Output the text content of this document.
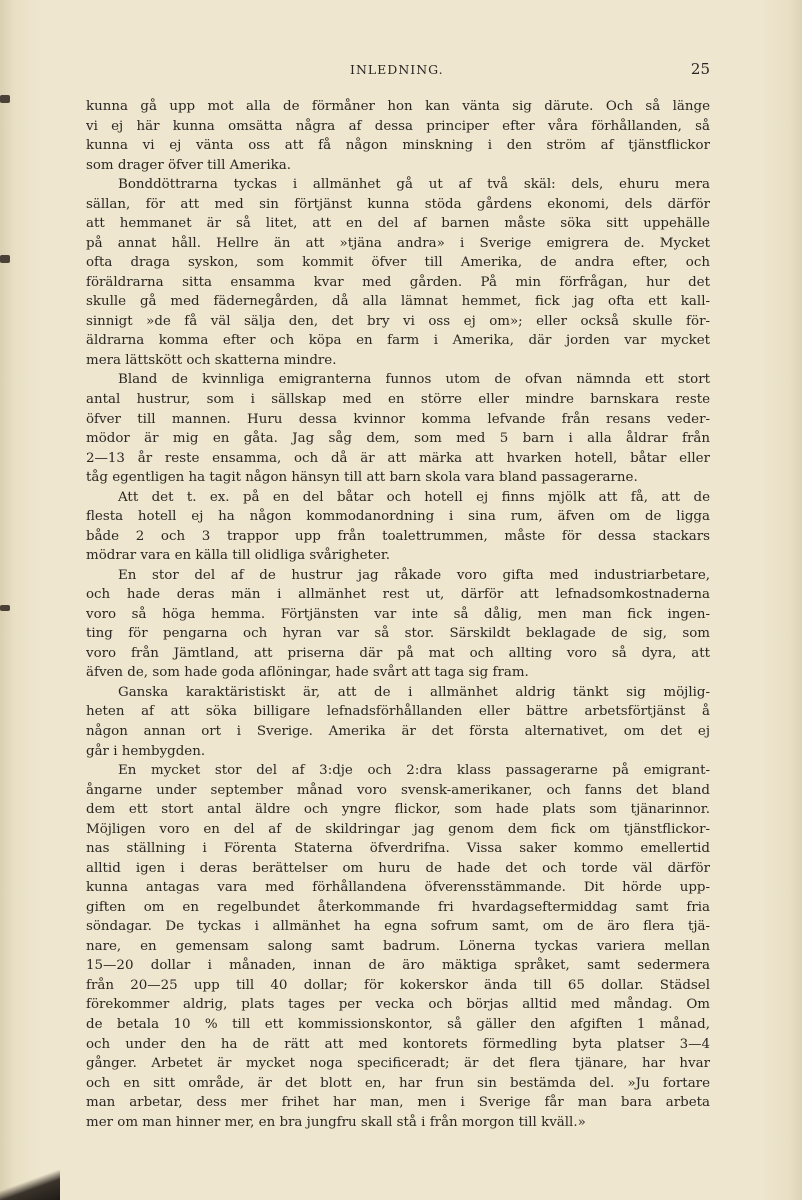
INLEDNING.	25
kunna gå upp mot alla de förmåner hon kan vänta sig därute. Och så länge
vi ej här kunna omsätta några af dessa principer efter våra förhållanden, så
kunna vi ej vänta oss att få någon minskning i den ström af tjänstflickor
som drager öfver till Amerika.
Bonddöttrarna tyckas i allmänhet gå ut af två skäl: dels, ehuru mera
sällan, för att med sin förtjänst kunna stöda gårdens ekonomi, dels därför
att hemmanet är så litet, att en del af barnen måste söka sitt uppehälle
på annat håll. Hellre än att »tjäna andra» i Sverige emigrera de. Mycket
ofta draga syskon, som kommit öfver till Amerika, de andra efter, och
föräldrarna sitta ensamma kvar med gården. På min förfrågan, hur det
skulle gå med fädernegården, då alla lämnat hemmet, fick jag ofta ett kall-
sinnigt »de få väl sälja den, det bry vi oss ej om»; eller också skulle för-
äldrarna komma efter och köpa en farm i Amerika, där jorden var mycket
mera lättskött och skatterna mindre.
Bland de kvinnliga emigranterna funnos utom de ofvan nämnda ett stort
antal hustrur, som i sällskap med en större eller mindre barnskara reste
öfver till mannen. Huru dessa kvinnor komma lefvande från resans veder-
mödor är mig en gåta. Jag såg dem, som med 5 barn i alla åldrar från
2—13 år reste ensamma, och då är att märka att hvarken hotell, båtar eller
tåg egentligen ha tagit någon hänsyn till att barn skola vara bland passagerarne.
Att det t. ex. på en del båtar och hotell ej finns mjölk att få, att de
flesta hotell ej ha någon kommodanordning i sina rum, äfven om de ligga
både 2 och 3 trappor upp från toalettrummen, måste för dessa stackars
mödrar vara en källa till olidliga svårigheter.
En stor del af de hustrur jag råkade voro gifta med industriarbetare,
och hade deras män i allmänhet rest ut, därför att lefnadsomkostnaderna
voro så höga hemma. Förtjänsten var inte så dålig, men man fick ingen-
ting för pengarna och hyran var så stor. Särskildt beklagade de sig, som
voro från Jämtland, att priserna där på mat och allting voro så dyra, att
äfven de, som hade goda aflöningar, hade svårt att taga sig fram.
Ganska karaktäristiskt är, att de i allmänhet aldrig tänkt sig möjlig-
heten af att söka billigare lefnadsförhållanden eller bättre arbetsförtjänst å
någon annan ort i Sverige. Amerika är det första alternativet, om det ej
går i hembygden.
En mycket stor del af 3:dje och 2:dra klass passagerarne på emigrant-
ångarne under september månad voro svensk-amerikaner, och fanns det bland
dem ett stort antal äldre och yngre flickor, som hade plats som tjänarinnor.
Möjligen voro en del af de skildringar jag genom dem fick om tjänstflickor-
nas ställning i Förenta Staterna öfverdrifna. Vissa saker kommo emellertid
alltid igen i deras berättelser om huru de hade det och torde väl därför
kunna antagas vara med förhållandena öfverensstämmande. Dit hörde upp-
giften om en regelbundet återkommande fri hvardagseftermiddag samt fria
söndagar. De tyckas i allmänhet ha egna sofrum samt, om de äro flera tjä-
nare, en gemensam salong samt badrum. Lönerna tyckas variera mellan
15—20 dollar i månaden, innan de äro mäktiga språket, samt sedermera
från 20—25 upp till 40 dollar; för kokerskor ända till 65 dollar. Städsel
förekommer aldrig, plats tages per vecka och börjas alltid med måndag. Om
de betala 10 % till ett kommissionskontor, så gäller den afgiften 1 månad,
och under den ha de rätt att med kontorets förmedling byta platser 3—4
gånger. Arbetet är mycket noga specificeradt; är det flera tjänare, har hvar
och en sitt område, är det blott en, har frun sin bestämda del. »Ju fortare
man arbetar, dess mer frihet har man, men i Sverige får man bara arbeta
mer om man hinner mer, en bra jungfru skall stå i från morgon till kväll.»
